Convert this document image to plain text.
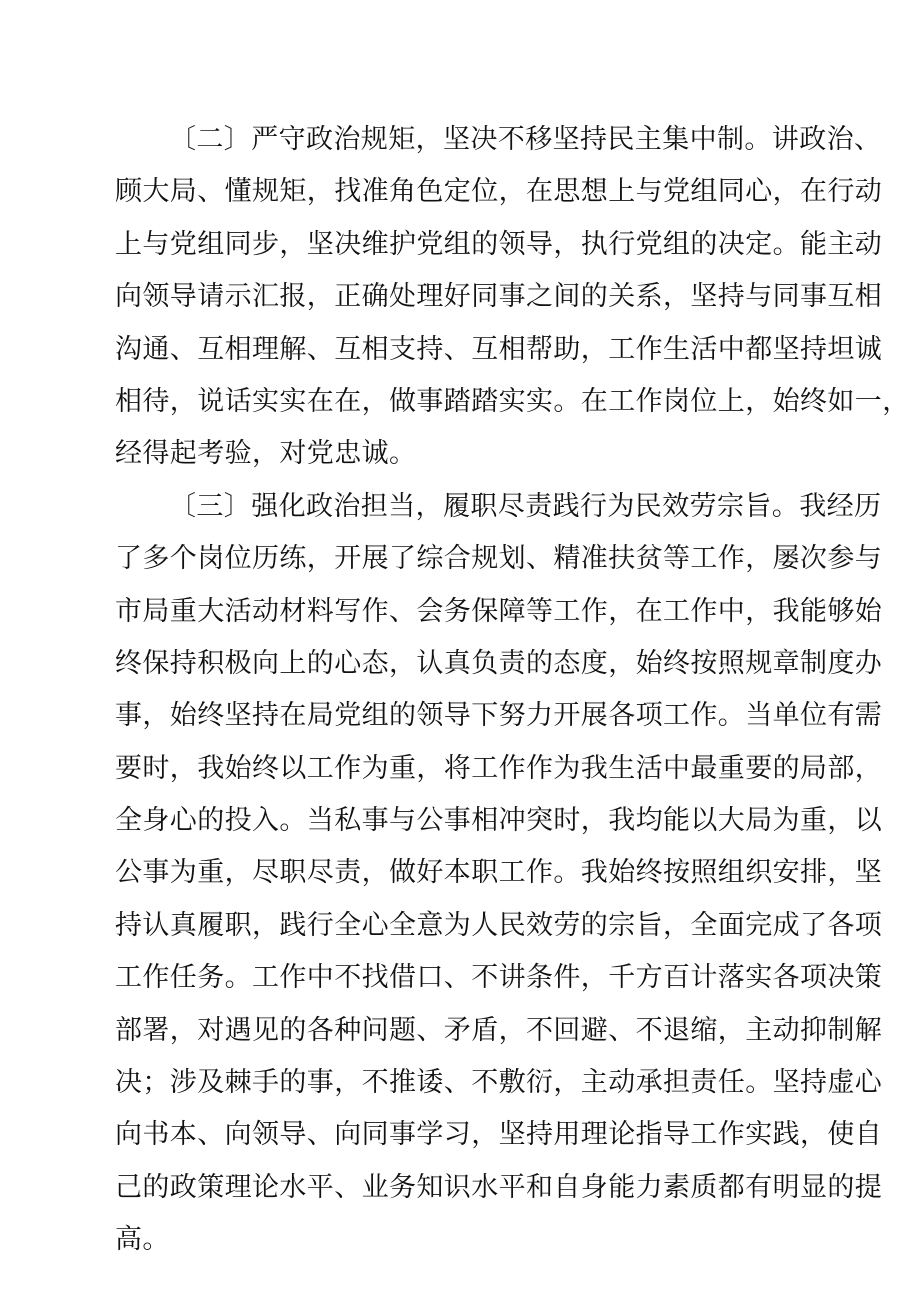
〔二〕严守政治规矩，坚决不移坚持民主集中制。讲政治、
顾大局、懂规矩，找准角色定位，在思想上与党组同心，在行动
上与党组同步，坚决维护党组的领导，执行党组的决定。能主动
向领导请示汇报，正确处理好同事之间的关系，坚持与同事互相
沟通、互相理解、互相支持、互相帮助，工作生活中都坚持坦诚
相待，说话实实在在，做事踏踏实实。在工作岗位上，始终如一，
经得起考验，对党忠诚。
〔三〕强化政治担当，履职尽责践行为民效劳宗旨。我经历
了多个岗位历练，开展了综合规划、精准扶贫等工作，屡次参与
市局重大活动材料写作、会务保障等工作，在工作中，我能够始
终保持积极向上的心态，认真负责的态度，始终按照规章制度办
事，始终坚持在局党组的领导下努力开展各项工作。当单位有需
要时，我始终以工作为重，将工作作为我生活中最重要的局部，
全身心的投入。当私事与公事相冲突时，我均能以大局为重，以
公事为重，尽职尽责，做好本职工作。我始终按照组织安排，坚
持认真履职，践行全心全意为人民效劳的宗旨，全面完成了各项
工作任务。工作中不找借口、不讲条件，千方百计落实各项决策
部署，对遇见的各种问题、矛盾，不回避、不退缩，主动抑制解
决；涉及棘手的事，不推诿、不敷衍，主动承担责任。坚持虚心
向书本、向领导、向同事学习，坚持用理论指导工作实践，使自
己的政策理论水平、业务知识水平和自身能力素质都有明显的提
高。
